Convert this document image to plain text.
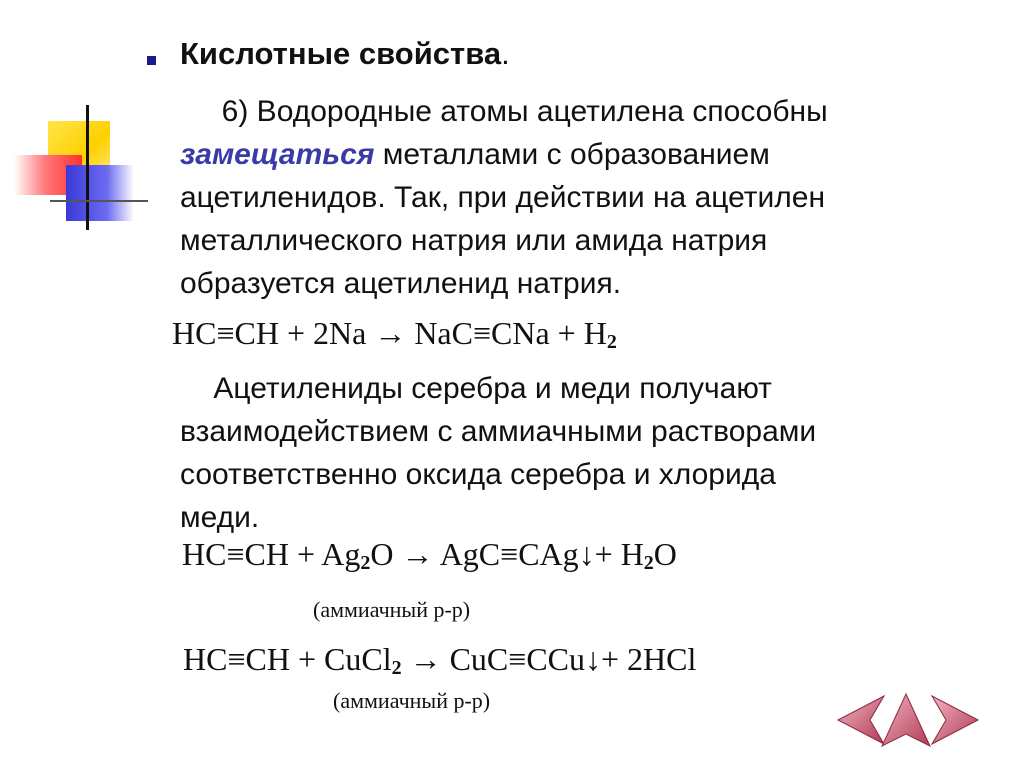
Кислотные свойства.
6) Водородные атомы ацетилена способны
замещаться металлами с образованием
ацетиленидов. Так, при действии на ацетилен
металлического натрия или амида натрия
образуется ацетиленид натрия.
HC≡CH + 2Na → NaC≡CNa + H2
Ацетилениды серебра и меди получают
взаимодействием с аммиачными растворами
соответственно оксида серебра и хлорида
меди.
HC≡CH + Ag2O → AgC≡CAg↓+ H2O
(аммиачный р-р)
HC≡CH + CuCl2 → CuC≡CCu↓+ 2HCl
(аммиачный р-р)
